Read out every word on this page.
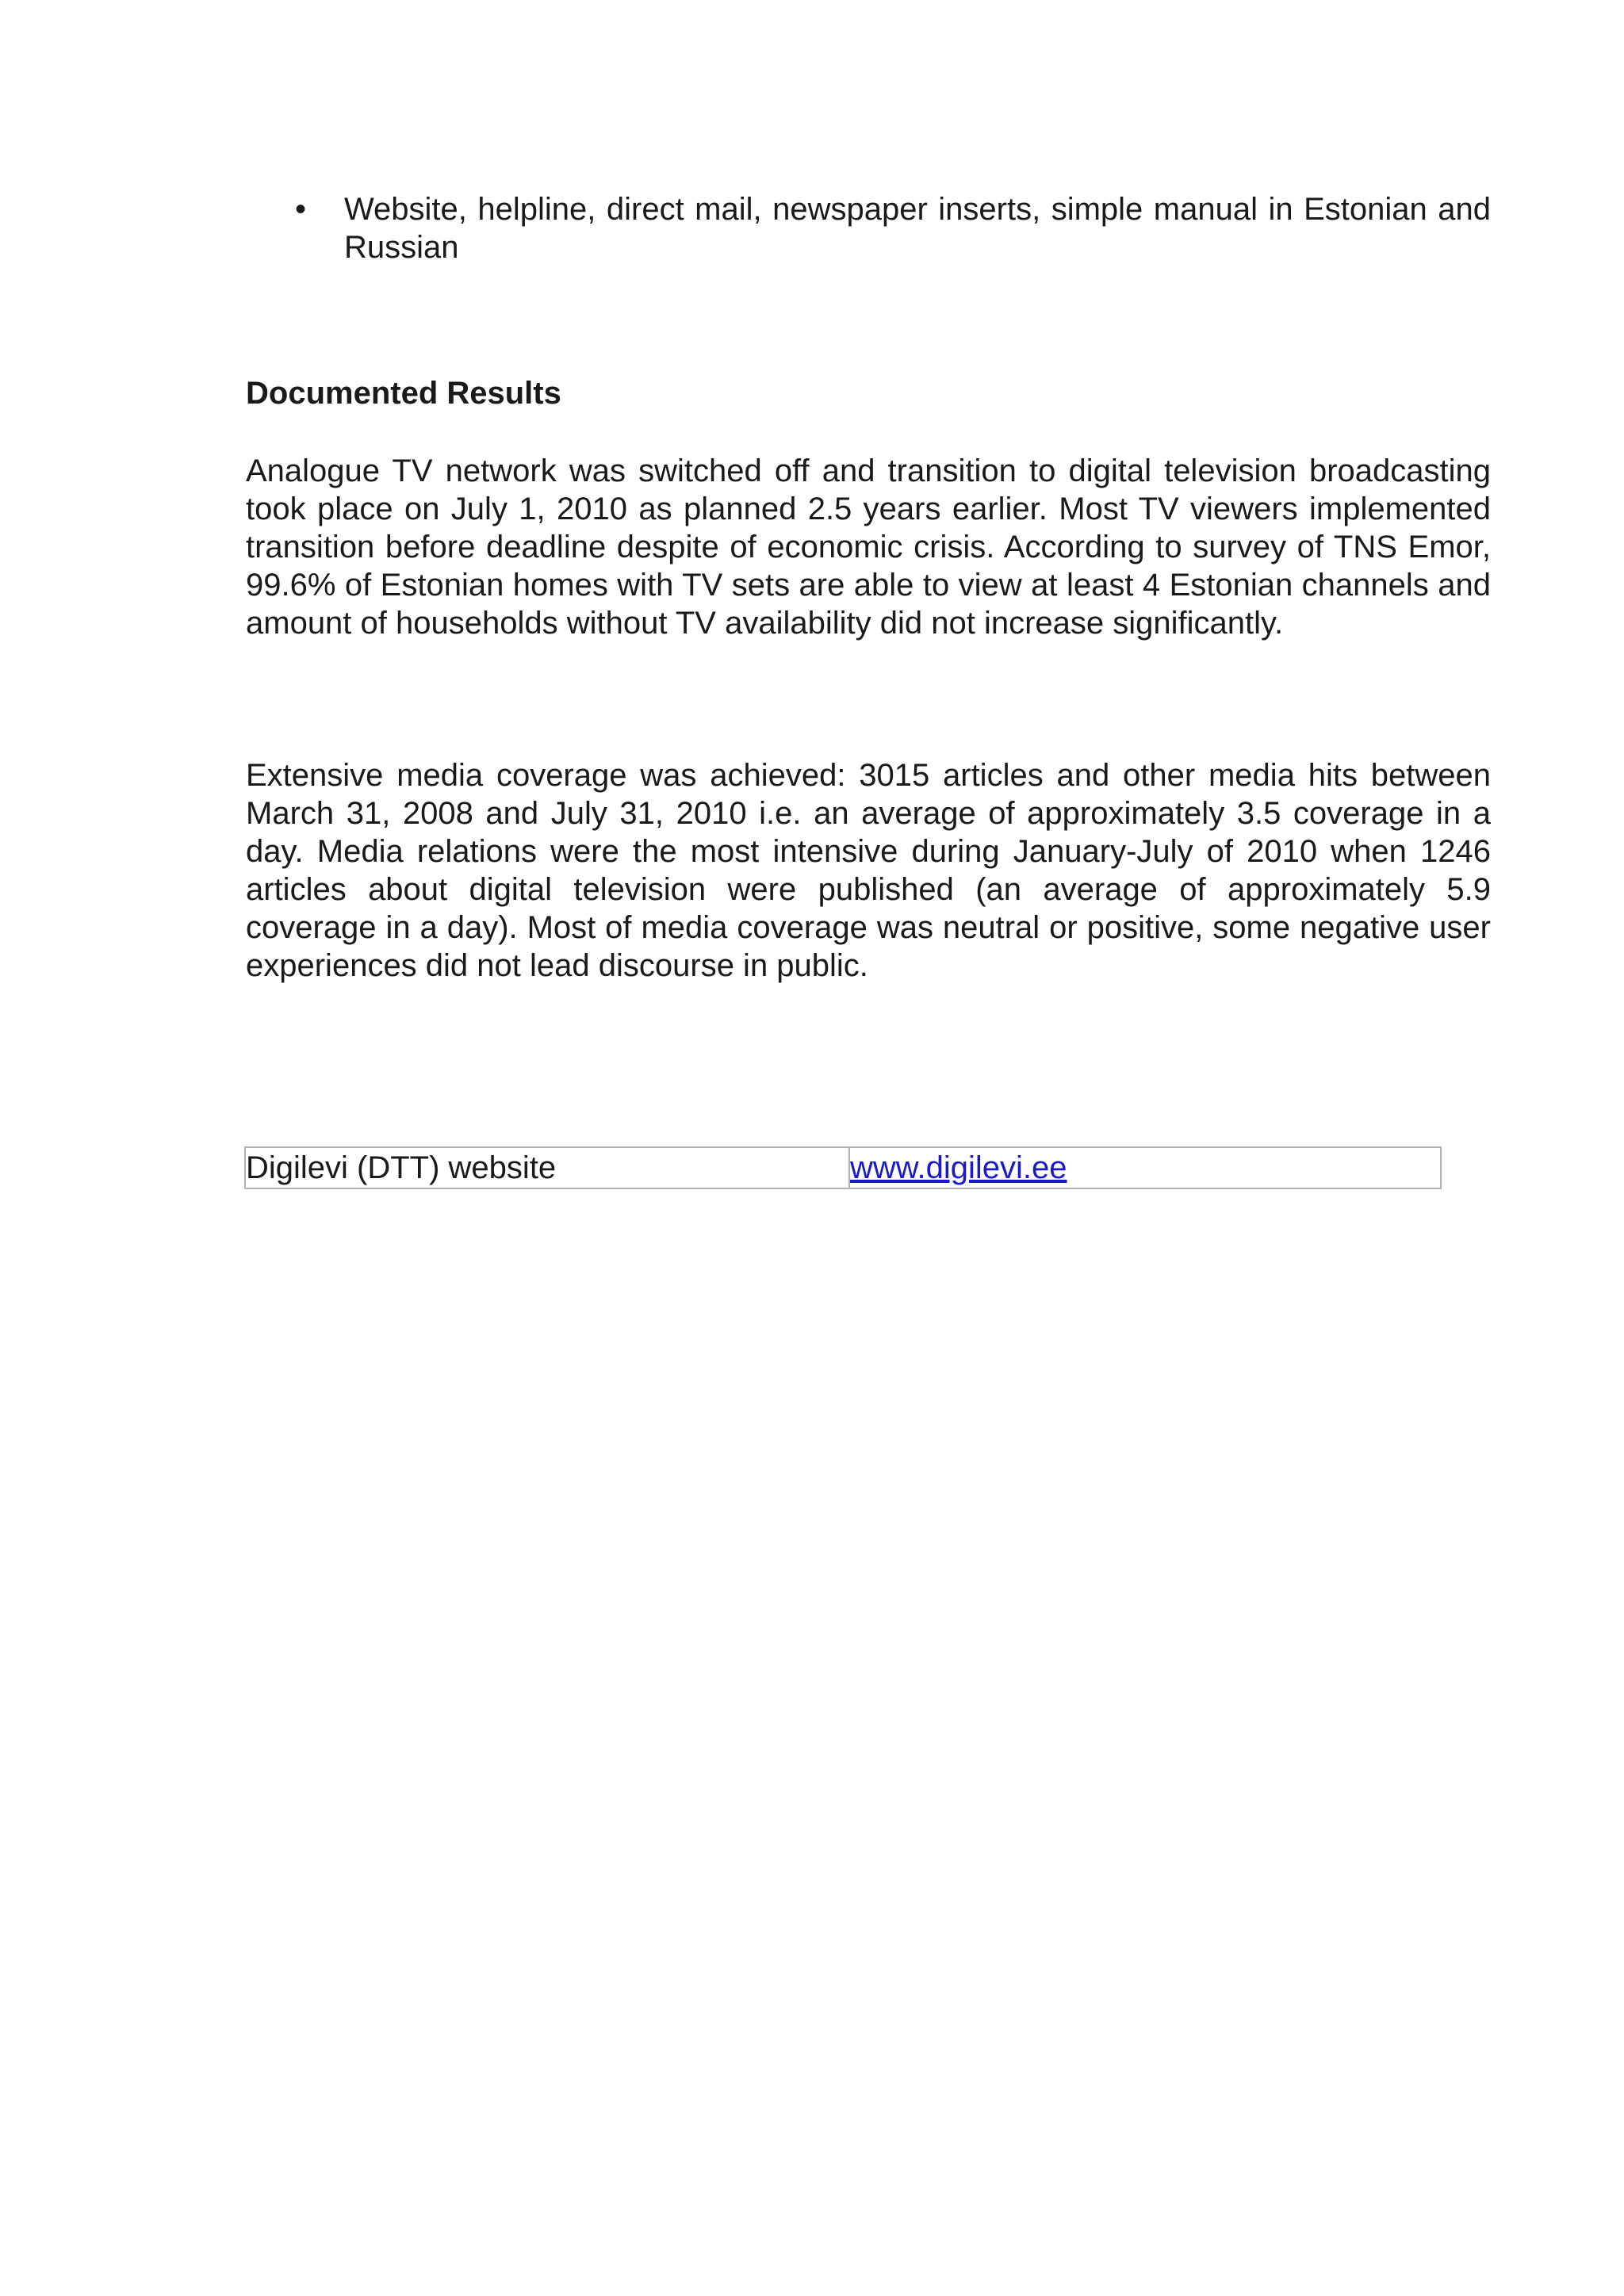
• Website, helpline, direct mail, newspaper inserts, simple manual in Estonian and Russian
Documented Results

Analogue TV network was switched off and transition to digital television broadcasting took place on July 1, 2010 as planned 2.5 years earlier. Most TV viewers implemented transition before deadline despite of economic crisis. According to survey of TNS Emor, 99.6% of Estonian homes with TV sets are able to view at least 4 Estonian channels and amount of households without TV availability did not increase significantly.

Extensive media coverage was achieved: 3015 articles and other media hits between March 31, 2008 and July 31, 2010 i.e. an average of approximately 3.5 coverage in a day. Media relations were the most intensive during January-July of 2010 when 1246 articles about digital television were published (an average of approximately 5.9 coverage in a day). Most of media coverage was neutral or positive, some negative user experiences did not lead discourse in public.

Digilevi (DTT) website	www.digilevi.ee
